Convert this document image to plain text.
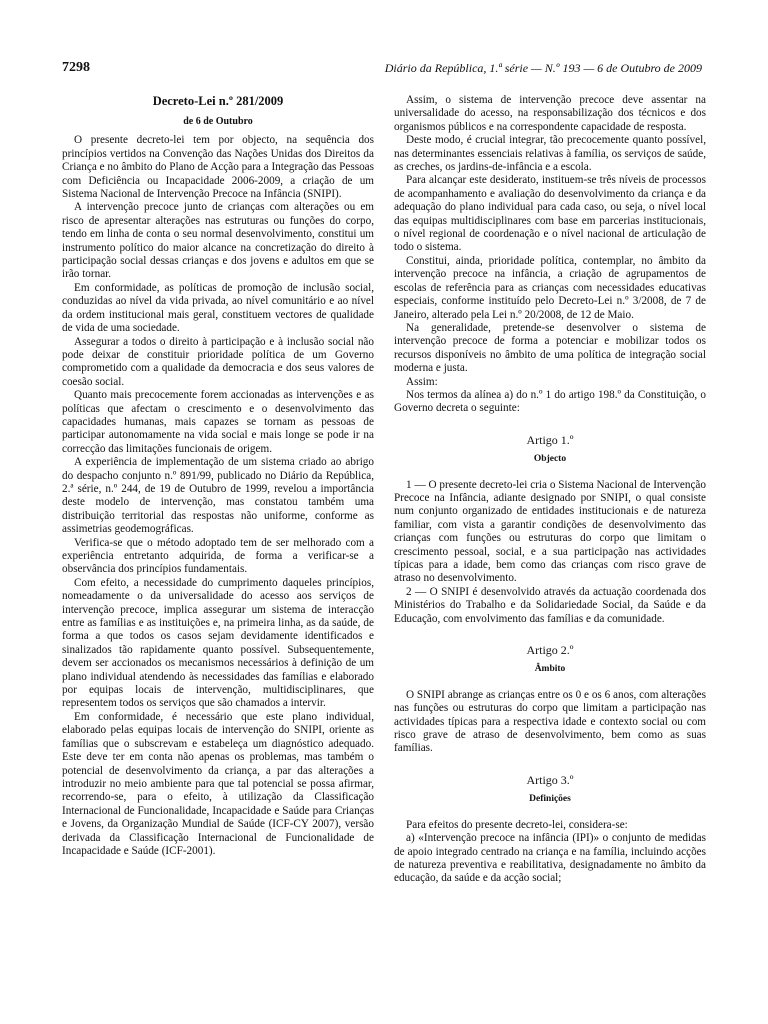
7298	Diário da República, 1.ª série — N.º 193 — 6 de Outubro de 2009
Decreto-Lei n.º 281/2009
de 6 de Outubro

O presente decreto-lei tem por objecto, na sequência dos princípios vertidos na Convenção das Nações Unidas dos Direitos da Criança e no âmbito do Plano de Acção para a Integração das Pessoas com Deficiência ou Incapacidade 2006-2009, a criação de um Sistema Nacional de Intervenção Precoce na Infância (SNIPI).

A intervenção precoce junto de crianças com alterações ou em risco de apresentar alterações nas estruturas ou funções do corpo, tendo em linha de conta o seu normal desenvolvimento, constitui um instrumento político do maior alcance na concretização do direito à participação social dessas crianças e dos jovens e adultos em que se irão tornar.

Em conformidade, as políticas de promoção de inclusão social, conduzidas ao nível da vida privada, ao nível comunitário e ao nível da ordem institucional mais geral, constituem vectores de qualidade de vida de uma sociedade.

Assegurar a todos o direito à participação e à inclusão social não pode deixar de constituir prioridade política de um Governo comprometido com a qualidade da democracia e dos seus valores de coesão social.

Quanto mais precocemente forem accionadas as intervenções e as políticas que afectam o crescimento e o desenvolvimento das capacidades humanas, mais capazes se tornam as pessoas de participar autonomamente na vida social e mais longe se pode ir na correcção das limitações funcionais de origem.

A experiência de implementação de um sistema criado ao abrigo do despacho conjunto n.º 891/99, publicado no Diário da República, 2.ª série, n.º 244, de 19 de Outubro de 1999, revelou a importância deste modelo de intervenção, mas constatou também uma distribuição territorial das respostas não uniforme, conforme as assimetrias geodemográficas.

Verifica-se que o método adoptado tem de ser melhorado com a experiência entretanto adquirida, de forma a verificar-se a observância dos princípios fundamentais.

Com efeito, a necessidade do cumprimento daqueles princípios, nomeadamente o da universalidade do acesso aos serviços de intervenção precoce, implica assegurar um sistema de interacção entre as famílias e as instituições e, na primeira linha, as da saúde, de forma a que todos os casos sejam devidamente identificados e sinalizados tão rapidamente quanto possível. Subsequentemente, devem ser accionados os mecanismos necessários à definição de um plano individual atendendo às necessidades das famílias e elaborado por equipas locais de intervenção, multidisciplinares, que representem todos os serviços que são chamados a intervir.

Em conformidade, é necessário que este plano individual, elaborado pelas equipas locais de intervenção do SNIPI, oriente as famílias que o subscrevam e estabeleça um diagnóstico adequado. Este deve ter em conta não apenas os problemas, mas também o potencial de desenvolvimento da criança, a par das alterações a introduzir no meio ambiente para que tal potencial se possa afirmar, recorrendo-se, para o efeito, à utilização da Classificação Internacional de Funcionalidade, Incapacidade e Saúde para Crianças e Jovens, da Organização Mundial de Saúde (ICF-CY 2007), versão derivada da Classificação Internacional de Funcionalidade de Incapacidade e Saúde (ICF-2001).

Assim, o sistema de intervenção precoce deve assentar na universalidade do acesso, na responsabilização dos técnicos e dos organismos públicos e na correspondente capacidade de resposta.

Deste modo, é crucial integrar, tão precocemente quanto possível, nas determinantes essenciais relativas à família, os serviços de saúde, as creches, os jardins-de-infância e a escola.

Para alcançar este desiderato, instituem-se três níveis de processos de acompanhamento e avaliação do desenvolvimento da criança e da adequação do plano individual para cada caso, ou seja, o nível local das equipas multidisciplinares com base em parcerias institucionais, o nível regional de coordenação e o nível nacional de articulação de todo o sistema.

Constitui, ainda, prioridade política, contemplar, no âmbito da intervenção precoce na infância, a criação de agrupamentos de escolas de referência para as crianças com necessidades educativas especiais, conforme instituído pelo Decreto-Lei n.º 3/2008, de 7 de Janeiro, alterado pela Lei n.º 20/2008, de 12 de Maio.

Na generalidade, pretende-se desenvolver o sistema de intervenção precoce de forma a potenciar e mobilizar todos os recursos disponíveis no âmbito de uma política de integração social moderna e justa.

Assim:

Nos termos da alínea a) do n.º 1 do artigo 198.º da Constituição, o Governo decreta o seguinte:

Artigo 1.º
Objecto

1 — O presente decreto-lei cria o Sistema Nacional de Intervenção Precoce na Infância, adiante designado por SNIPI, o qual consiste num conjunto organizado de entidades institucionais e de natureza familiar, com vista a garantir condições de desenvolvimento das crianças com funções ou estruturas do corpo que limitam o crescimento pessoal, social, e a sua participação nas actividades típicas para a idade, bem como das crianças com risco grave de atraso no desenvolvimento.

2 — O SNIPI é desenvolvido através da actuação coordenada dos Ministérios do Trabalho e da Solidariedade Social, da Saúde e da Educação, com envolvimento das famílias e da comunidade.

Artigo 2.º
Âmbito

O SNIPI abrange as crianças entre os 0 e os 6 anos, com alterações nas funções ou estruturas do corpo que limitam a participação nas actividades típicas para a respectiva idade e contexto social ou com risco grave de atraso de desenvolvimento, bem como as suas famílias.

Artigo 3.º
Definições

Para efeitos do presente decreto-lei, considera-se:

a) «Intervenção precoce na infância (IPI)» o conjunto de medidas de apoio integrado centrado na criança e na família, incluindo acções de natureza preventiva e reabilitativa, designadamente no âmbito da educação, da saúde e da acção social;
